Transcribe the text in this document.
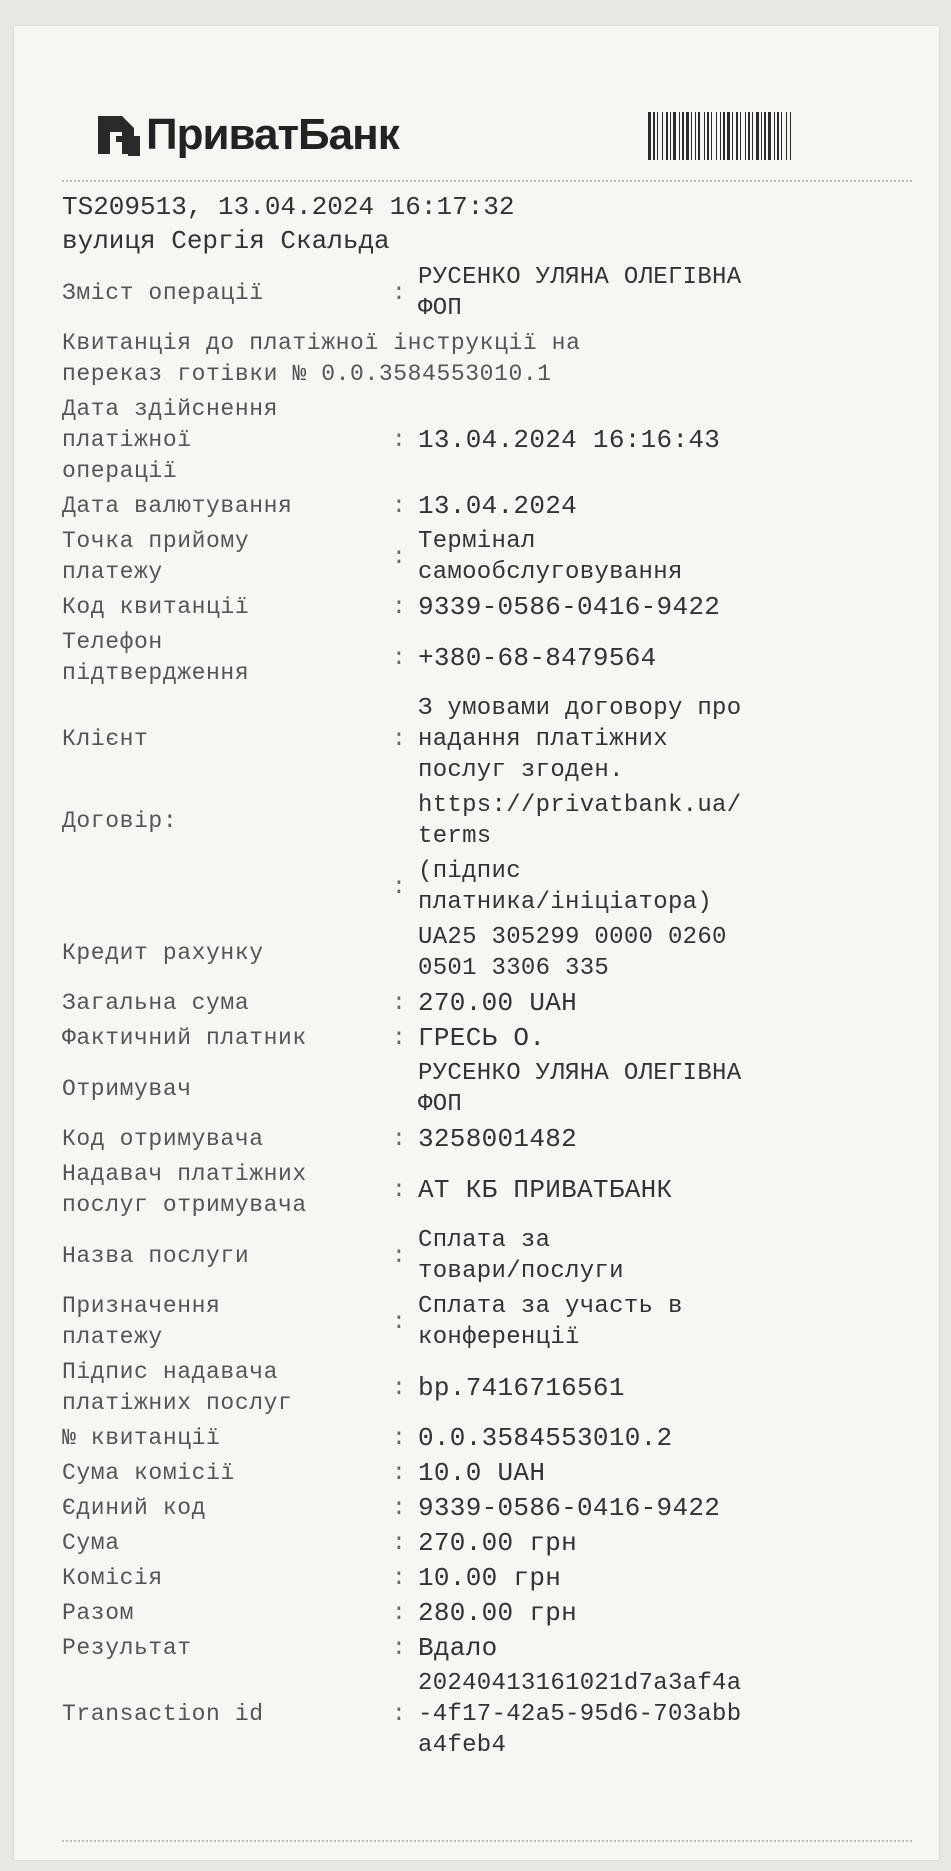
ПриватБанк
TS209513, 13.04.2024 16:17:32
вулиця Сергія Скальда
Зміст операції	:	РУСЕНКО УЛЯНА ОЛЕГІВНА
ФОП

Квитанція до платіжної інструкції на
переказ готівки № 0.0.3584553010.1		

Дата здійснення
платіжної
операції	:	13.04.2024 16:16:43

Дата валютування	:	13.04.2024

Точка прийому
платежу	:	Термінал
самообслуговування

Код квитанції	:	9339-0586-0416-9422

Телефон
підтвердження	:	+380-68-8479564

Клієнт	:	З умовами договору про
надання платіжних
послуг згоден.

Договір:		https://privatbank.ua/
terms

	:	(підпис
платника/ініціатора)

Кредит рахунку		UA25 305299 0000 0260
0501 3306 335

Загальна сума	:	270.00 UAH

Фактичний платник	:	ГРЕСЬ О.

Отримувач		РУСЕНКО УЛЯНА ОЛЕГІВНА
ФОП

Код отримувача	:	3258001482

Надавач платіжних
послуг отримувача	:	АТ КБ ПРИВАТБАНК

Назва послуги	:	Сплата за
товари/послуги

Призначення
платежу	:	Сплата за участь в
конференції

Підпис надавача
платіжних послуг	:	bp.7416716561

№ квитанції	:	0.0.3584553010.2

Сума комісії	:	10.0 UAH

Єдиний код	:	9339-0586-0416-9422

Сума	:	270.00 грн

Комісія	:	10.00 грн

Разом	:	280.00 грн

Результат	:	Вдало

Transaction id	:	20240413161021d7a3af4a
-4f17-42a5-95d6-703abb
a4feb4
